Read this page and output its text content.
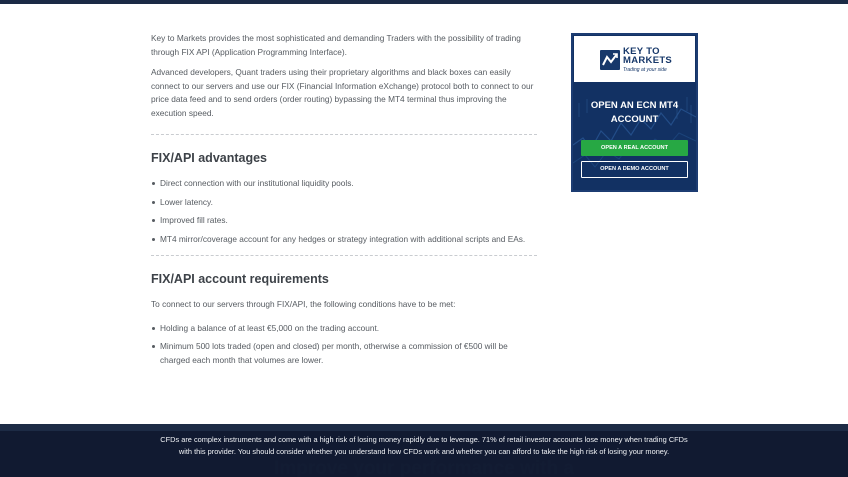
Key to Markets provides the most sophisticated and demanding Traders with the possibility of trading through FIX API (Application Programming Interface).

Advanced developers, Quant traders using their proprietary algorithms and black boxes can easily connect to our servers and use our FIX (Financial Information eXchange) protocol both to connect to our price data feed and to send orders (order routing) bypassing the MT4 terminal thus improving the execution speed.

FIX/API advantages
Direct connection with our institutional liquidity pools.
Lower latency.
Improved fill rates.
MT4 mirror/coverage account for any hedges or strategy integration with additional scripts and EAs.
FIX/API account requirements

To connect to our servers through FIX/API, the following conditions have to be met:

Holding a balance of at least €5,000 on the trading account.
Minimum 500 lots traded (open and closed) per month, otherwise a commission of €500 will be charged each month that volumes are lower.
KEY TO
MARKETS
Trading at your side
OPEN AN ECN MT4 ACCOUNT
OPEN A REAL ACCOUNT
OPEN A DEMO ACCOUNT
CFDs are complex instruments and come with a high risk of losing money rapidly due to leverage. 71% of retail investor accounts lose money when trading CFDs with this provider. You should consider whether you understand how CFDs work and whether you can afford to take the high risk of losing your money.
